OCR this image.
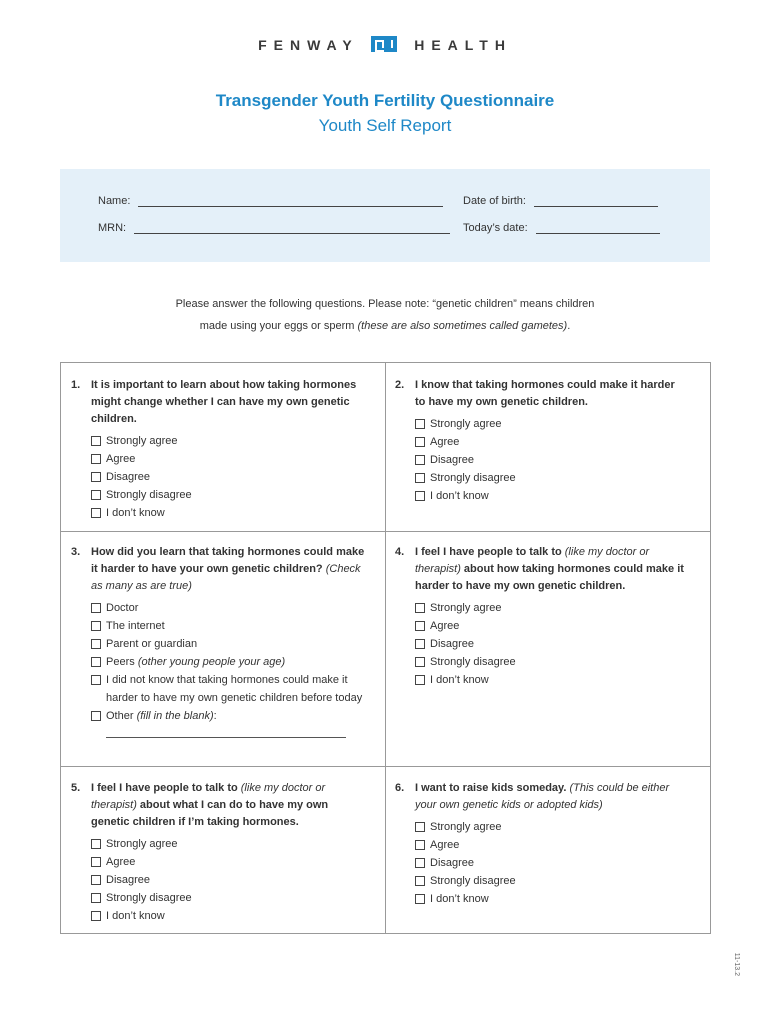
FENWAY	HEALTH
Transgender Youth Fertility Questionnaire
Youth Self Report
Name:	Date of birth:
MRN:	Today’s date:
Please answer the following questions. Please note: “genetic children” means children
made using your eggs or sperm (these are also sometimes called gametes).
1. It is important to learn about how taking hormones might change whether I can have my own genetic children.
Strongly agree
Agree
Disagree
Strongly disagree
I don’t know
2. I know that taking hormones could make it harder to have my own genetic children.
Strongly agree
Agree
Disagree
Strongly disagree
I don’t know
3. How did you learn that taking hormones could make it harder to have your own genetic children? (Check as many as are true)
Doctor
The internet
Parent or guardian
Peers (other young people your age)
I did not know that taking hormones could make it harder to have my own genetic children before today
Other (fill in the blank):
4. I feel I have people to talk to (like my doctor or therapist) about how taking hormones could make it harder to have my own genetic children.
Strongly agree
Agree
Disagree
Strongly disagree
I don’t know
5. I feel I have people to talk to (like my doctor or therapist) about what I can do to have my own genetic children if I’m taking hormones.
Strongly agree
Agree
Disagree
Strongly disagree
I don’t know
6. I want to raise kids someday. (This could be either your own genetic kids or adopted kids)
Strongly agree
Agree
Disagree
Strongly disagree
I don’t know
11-13.2
